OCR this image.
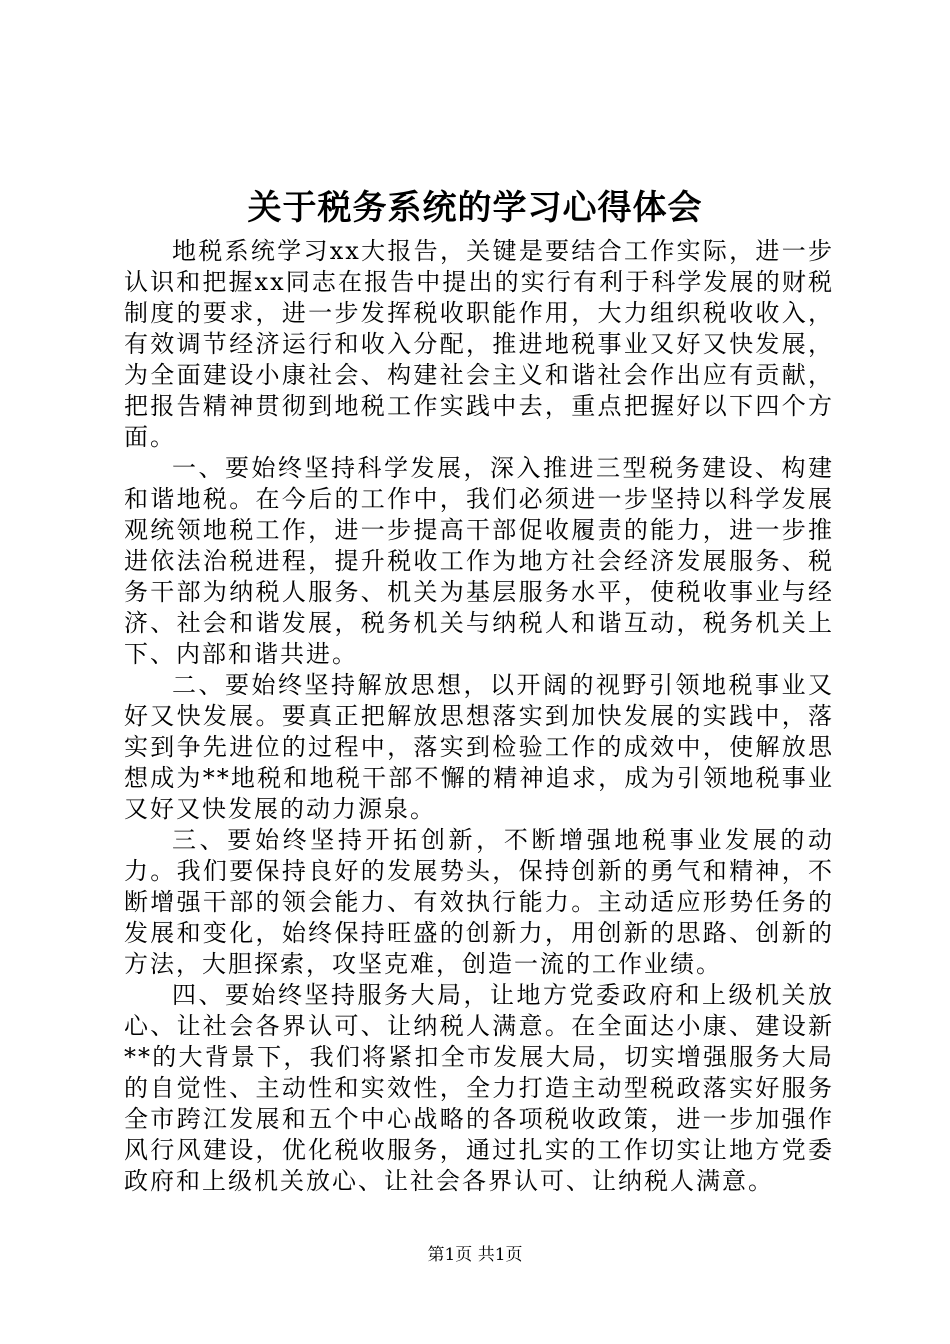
关于税务系统的学习心得体会

地税系统学习xx大报告，关键是要结合工作实际，进一步认识和把握xx同志在报告中提出的实行有利于科学发展的财税制度的要求，进一步发挥税收职能作用，大力组织税收收入，有效调节经济运行和收入分配，推进地税事业又好又快发展，为全面建设小康社会、构建社会主义和谐社会作出应有贡献，把报告精神贯彻到地税工作实践中去，重点把握好以下四个方面。

一、要始终坚持科学发展，深入推进三型税务建设、构建和谐地税。在今后的工作中，我们必须进一步坚持以科学发展观统领地税工作，进一步提高干部促收履责的能力，进一步推进依法治税进程，提升税收工作为地方社会经济发展服务、税务干部为纳税人服务、机关为基层服务水平，使税收事业与经济、社会和谐发展，税务机关与纳税人和谐互动，税务机关上下、内部和谐共进。

二、要始终坚持解放思想，以开阔的视野引领地税事业又好又快发展。要真正把解放思想落实到加快发展的实践中，落实到争先进位的过程中，落实到检验工作的成效中，使解放思想成为**地税和地税干部不懈的精神追求，成为引领地税事业又好又快发展的动力源泉。

三、要始终坚持开拓创新，不断增强地税事业发展的动力。我们要保持良好的发展势头，保持创新的勇气和精神，不断增强干部的领会能力、有效执行能力。主动适应形势任务的发展和变化，始终保持旺盛的创新力，用创新的思路、创新的方法，大胆探索，攻坚克难，创造一流的工作业绩。

四、要始终坚持服务大局，让地方党委政府和上级机关放心、让社会各界认可、让纳税人满意。在全面达小康、建设新**的大背景下，我们将紧扣全市发展大局，切实增强服务大局的自觉性、主动性和实效性，全力打造主动型税政落实好服务全市跨江发展和五个中心战略的各项税收政策，进一步加强作风行风建设，优化税收服务，通过扎实的工作切实让地方党委政府和上级机关放心、让社会各界认可、让纳税人满意。

第1页 共1页
